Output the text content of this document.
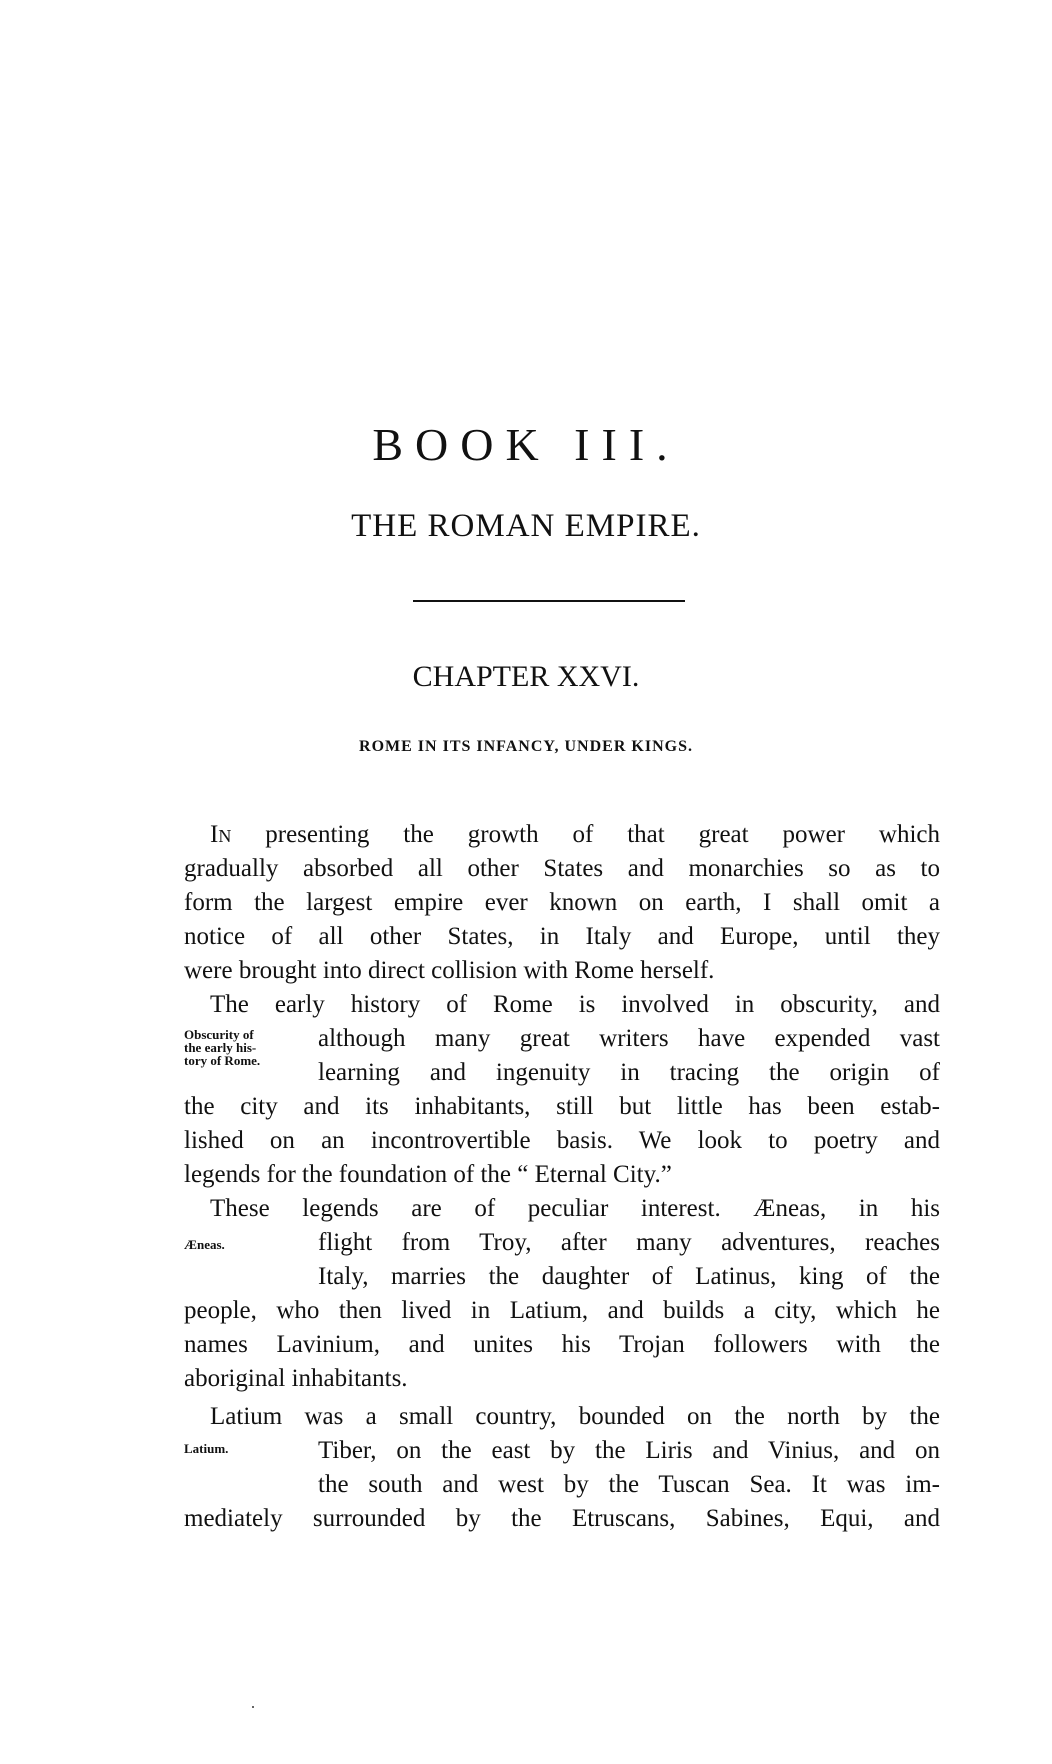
BOOK III.
THE ROMAN EMPIRE.
CHAPTER XXVI.
ROME IN ITS INFANCY, UNDER KINGS.
In presenting the growth of that great power which
gradually absorbed all other States and monarchies so as to
form the largest empire ever known on earth, I shall omit a
notice of all other States, in Italy and Europe, until they
were brought into direct collision with Rome herself.
The early history of Rome is involved in obscurity, and
Obscurity of
the early his-
tory of Rome.
although many great writers have expended vast
learning and ingenuity in tracing the origin of
the city and its inhabitants, still but little has been estab-
lished on an incontrovertible basis. We look to poetry and
legends for the foundation of the “ Eternal City.”
These legends are of peculiar interest. Æneas, in his
Æneas.	flight from Troy, after many adventures, reaches
Italy, marries the daughter of Latinus, king of the
people, who then lived in Latium, and builds a city, which he
names Lavinium, and unites his Trojan followers with the
aboriginal inhabitants.
Latium was a small country, bounded on the north by the
Latium.	Tiber, on the east by the Liris and Vinius, and on
the south and west by the Tuscan Sea. It was im-
mediately surrounded by the Etruscans, Sabines, Equi, and
